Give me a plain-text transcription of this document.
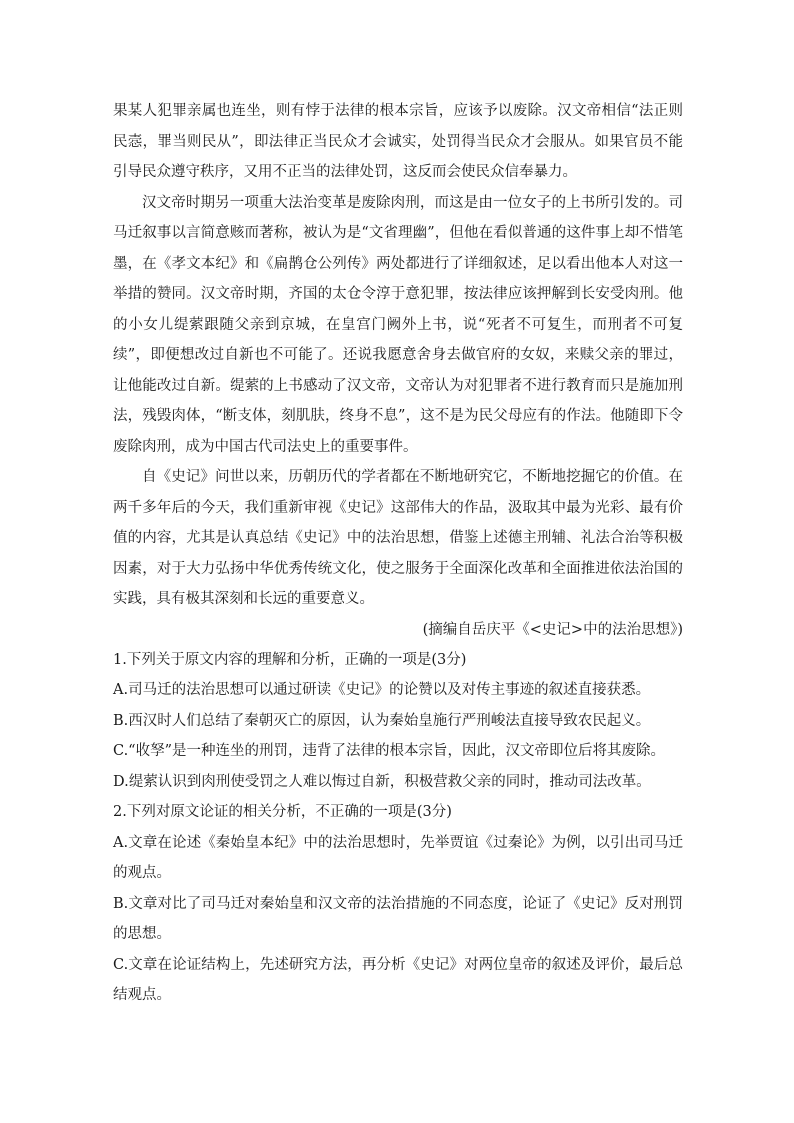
果某人犯罪亲属也连坐，则有悖于法律的根本宗旨，应该予以废除。汉文帝相信“法正则民悫，罪当则民从”，即法律正当民众才会诚实，处罚得当民众才会服从。如果官员不能引导民众遵守秩序，又用不正当的法律处罚，这反而会使民众信奉暴力。

汉文帝时期另一项重大法治变革是废除肉刑，而这是由一位女子的上书所引发的。司马迁叙事以言简意赅而著称，被认为是“文省理幽”，但他在看似普通的这件事上却不惜笔墨，在《孝文本纪》和《扁鹊仓公列传》两处都进行了详细叙述，足以看出他本人对这一举措的赞同。汉文帝时期，齐国的太仓令淳于意犯罪，按法律应该押解到长安受肉刑。他的小女儿缇萦跟随父亲到京城，在皇宫门阙外上书，说“死者不可复生，而刑者不可复续”，即便想改过自新也不可能了。还说我愿意舍身去做官府的女奴，来赎父亲的罪过，让他能改过自新。缇萦的上书感动了汉文帝，文帝认为对犯罪者不进行教育而只是施加刑法，残毁肉体，“断支体，刻肌肤，终身不息”，这不是为民父母应有的作法。他随即下令废除肉刑，成为中国古代司法史上的重要事件。

自《史记》问世以来，历朝历代的学者都在不断地研究它，不断地挖掘它的价值。在两千多年后的今天，我们重新审视《史记》这部伟大的作品，汲取其中最为光彩、最有价值的内容，尤其是认真总结《史记》中的法治思想，借鉴上述德主刑辅、礼法合治等积极因素，对于大力弘扬中华优秀传统文化，使之服务于全面深化改革和全面推进依法治国的实践，具有极其深刻和长远的重要意义。

(摘编自岳庆平《<史记>中的法治思想》)

1.下列关于原文内容的理解和分析，正确的一项是(3分)

A.司马迁的法治思想可以通过研读《史记》的论赞以及对传主事迹的叙述直接获悉。

B.西汉时人们总结了秦朝灭亡的原因，认为秦始皇施行严刑峻法直接导致农民起义。

C.“收孥”是一种连坐的刑罚，违背了法律的根本宗旨，因此，汉文帝即位后将其废除。

D.缇萦认识到肉刑使受罚之人难以悔过自新，积极营救父亲的同时，推动司法改革。

2.下列对原文论证的相关分析，不正确的一项是(3分)

A.文章在论述《秦始皇本纪》中的法治思想时，先举贾谊《过秦论》为例，以引出司马迁的观点。

B.文章对比了司马迁对秦始皇和汉文帝的法治措施的不同态度，论证了《史记》反对刑罚的思想。

C.文章在论证结构上，先述研究方法，再分析《史记》对两位皇帝的叙述及评价，最后总结观点。
